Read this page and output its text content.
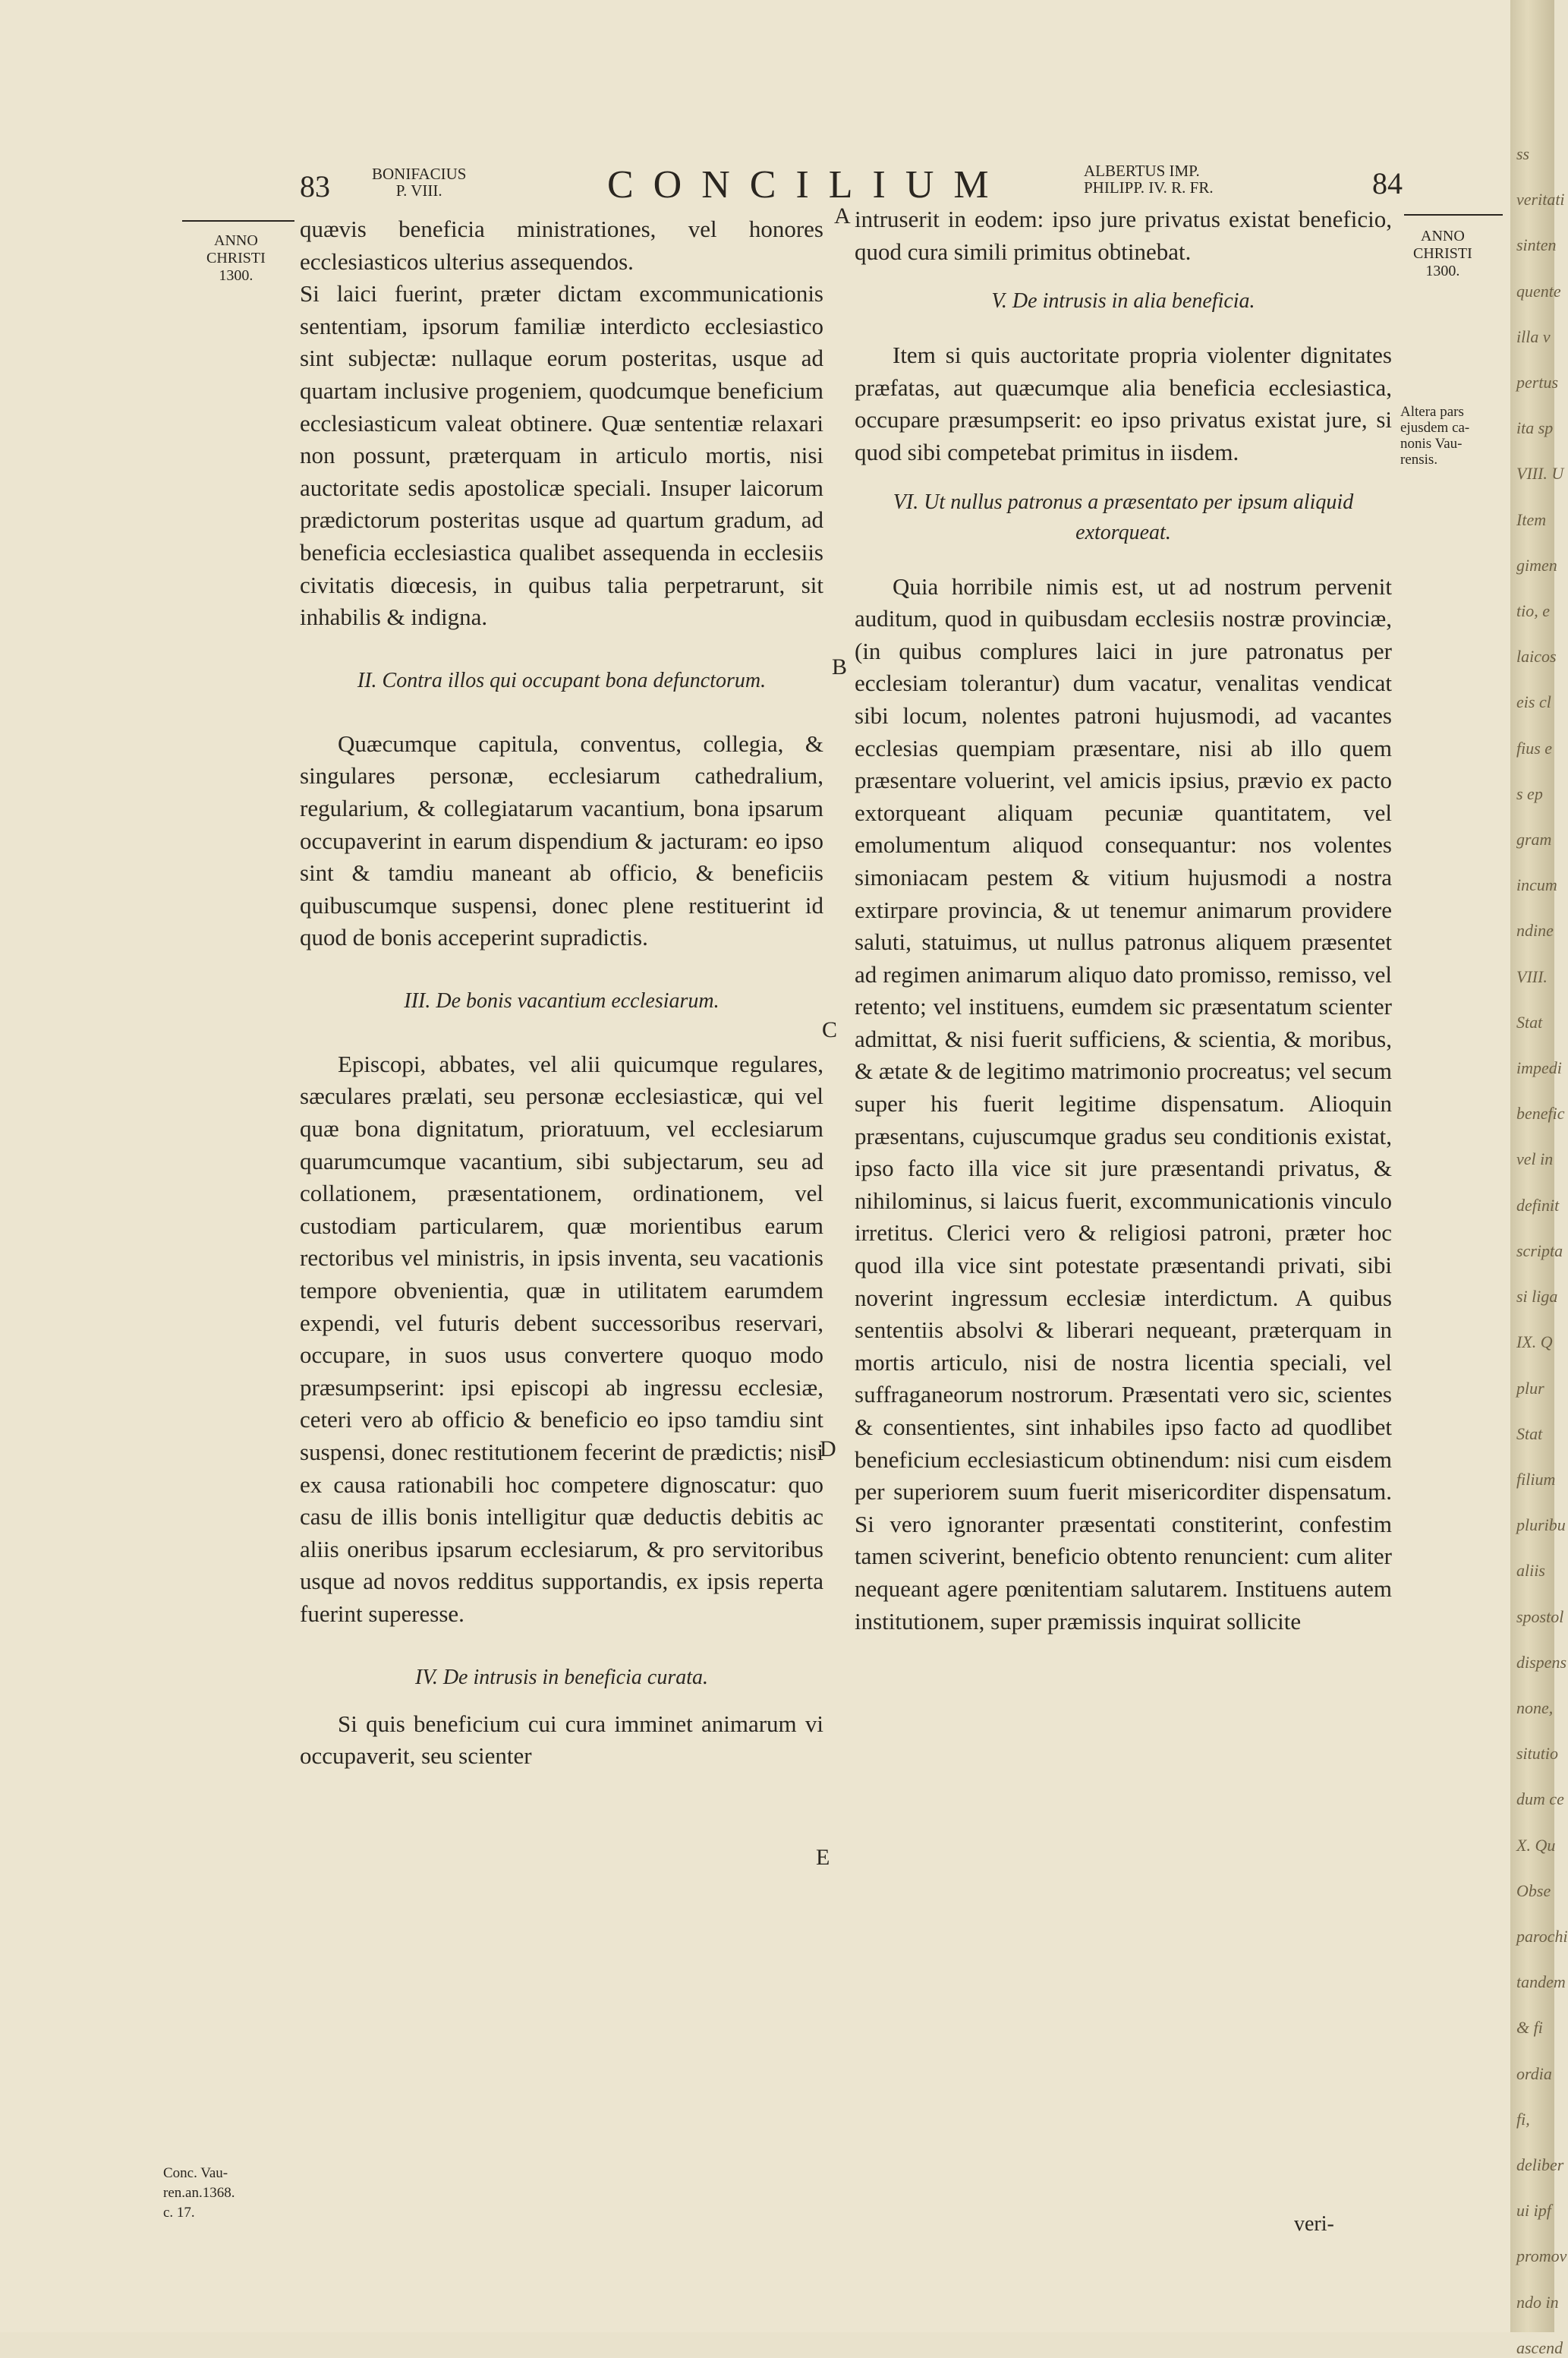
83	BONIFACIUS
P. VIII.	CONCILIUM	ALBERTUS IMP.
PHILIPP. IV. R. FR.	84
ANNO
CHRISTI
1300.
ANNO
CHRISTI
1300.
Altera pars
ejusdem ca-
nonis Vau-
rensis.
Conc. Vau-
ren.an.1368.
c. 17.
A
B
C
D
E

quævis beneficia ministrationes, vel honores ecclesiasticos ulterius assequendos.

Si laici fuerint, præter dictam excommunicationis sententiam, ipsorum familiæ interdicto ecclesiastico sint subjectæ: nullaque eorum posteritas, usque ad quartam inclusive progeniem, quodcumque beneficium ecclesiasticum valeat obtinere. Quæ sententiæ relaxari non possunt, præterquam in articulo mortis, nisi auctoritate sedis apostolicæ speciali. Insuper laicorum prædictorum posteritas usque ad quartum gradum, ad beneficia ecclesiastica qualibet assequenda in ecclesiis civitatis diœcesis, in quibus talia perpetrarunt, sit inhabilis & indigna.

II. Contra illos qui occupant bona defunctorum.

Quæcumque capitula, conventus, collegia, & singulares personæ, ecclesiarum cathedralium, regularium, & collegiatarum vacantium, bona ipsarum occupaverint in earum dispendium & jacturam: eo ipso sint & tamdiu maneant ab officio, & beneficiis quibuscumque suspensi, donec plene restituerint id quod de bonis acceperint supradictis.

III. De bonis vacantium ecclesiarum.

Episcopi, abbates, vel alii quicumque regulares, sæculares prælati, seu personæ ecclesiasticæ, qui vel quæ bona dignitatum, prioratuum, vel ecclesiarum quarumcumque vacantium, sibi subjectarum, seu ad collationem, præsentationem, ordinationem, vel custodiam particularem, quæ morientibus earum rectoribus vel ministris, in ipsis inventa, seu vacationis tempore obvenientia, quæ in utilitatem earumdem expendi, vel futuris debent successoribus reservari, occupare, in suos usus convertere quoquo modo præsumpserint: ipsi episcopi ab ingressu ecclesiæ, ceteri vero ab officio & beneficio eo ipso tamdiu sint suspensi, donec restitutionem fecerint de prædictis; nisi ex causa rationabili hoc competere dignoscatur: quo casu de illis bonis intelligitur quæ deductis debitis ac aliis oneribus ipsarum ecclesiarum, & pro servitoribus usque ad novos redditus supportandis, ex ipsis reperta fuerint superesse.

IV. De intrusis in beneficia curata.

Si quis beneficium cui cura imminet animarum vi occupaverit, seu scienter

intruserit in eodem: ipso jure privatus existat beneficio, quod cura simili primitus obtinebat.

V. De intrusis in alia beneficia.

Item si quis auctoritate propria violenter dignitates præfatas, aut quæcumque alia beneficia ecclesiastica, occupare præsumpserit: eo ipso privatus existat jure, si quod sibi competebat primitus in iisdem.

VI. Ut nullus patronus a præsentato per ipsum aliquid extorqueat.

Quia horribile nimis est, ut ad nostrum pervenit auditum, quod in quibusdam ecclesiis nostræ provinciæ, (in quibus complures laici in jure patronatus per ecclesiam tolerantur) dum vacatur, venalitas vendicat sibi locum, nolentes patroni hujusmodi, ad vacantes ecclesias quempiam præsentare, nisi ab illo quem præsentare voluerint, vel amicis ipsius, prævio ex pacto extorqueant aliquam pecuniæ quantitatem, vel emolumentum aliquod consequantur: nos volentes simoniacam pestem & vitium hujusmodi a nostra extirpare provincia, & ut tenemur animarum providere saluti, statuimus, ut nullus patronus aliquem præsentet ad regimen animarum aliquo dato promisso, remisso, vel retento; vel instituens, eumdem sic præsentatum scienter admittat, & nisi fuerit sufficiens, & scientia, & moribus, & ætate & de legitimo matrimonio procreatus; vel secum super his fuerit legitime dispensatum. Alioquin præsentans, cujuscumque gradus seu conditionis existat, ipso facto illa vice sit jure præsentandi privatus, & nihilominus, si laicus fuerit, excommunicationis vinculo irretitus. Clerici vero & religiosi patroni, præter hoc quod illa vice sint potestate præsentandi privati, sibi noverint ingressum ecclesiæ interdictum. A quibus sententiis absolvi & liberari nequeant, præterquam in mortis articulo, nisi de nostra licentia speciali, vel suffraganeorum nostrorum. Præsentati vero sic, scientes & consentientes, sint inhabiles ipso facto ad quodlibet beneficium ecclesiasticum obtinendum: nisi cum eisdem per superiorem suum fuerit misericorditer dispensatum. Si vero ignoranter præsentati constiterint, confestim tamen sciverint, beneficio obtento renuncient: cum aliter nequeant agere pœnitentiam salutarem. Instituens autem institutionem, super præmissis inquirat sollicite

veri-
ss
veritati
sinten
quente
illa v
pertus
ita sp
VIII. U
Item
gimen
tio, e
laicos
eis cl
fius e
s ep
gram
incum
ndine
VIII.
Stat
impedi
benefic
vel in
definit
scripta
si liga
IX. Q
plur
Stat
filium
pluribu
aliis
spostol
dispens
none,
situtio
dum ce
X. Qu
Obse
parochi
tandem
& fi
ordia
fi,
deliber
ui ipf
promov
ndo in
ascend
